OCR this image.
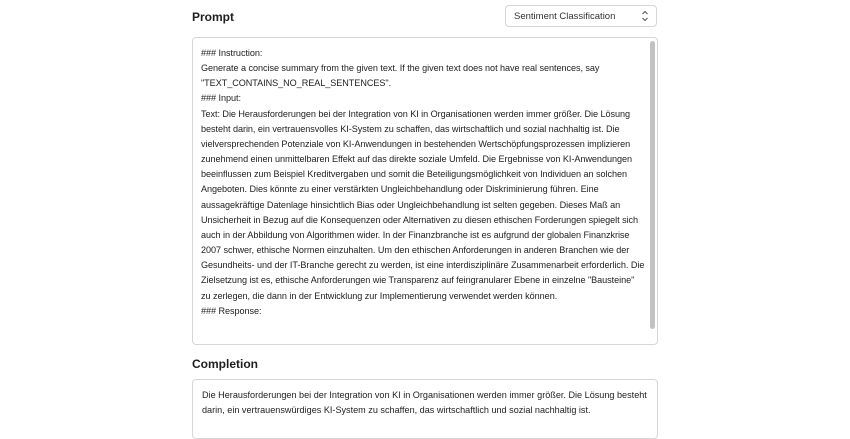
Prompt	Sentiment Classification
### Instruction:
Generate a concise summary from the given text. If the given text does not have real sentences, say "TEXT_CONTAINS_NO_REAL_SENTENCES".
### Input:
Text: Die Herausforderungen bei der Integration von KI in Organisationen werden immer größer. Die Lösung besteht darin, ein vertrauensvolles KI-System zu schaffen, das wirtschaftlich und sozial nachhaltig ist. Die vielversprechenden Potenziale von KI-Anwendungen in bestehenden Wertschöpfungsprozessen implizieren zunehmend einen unmittelbaren Effekt auf das direkte soziale Umfeld. Die Ergebnisse von KI-Anwendungen beeinflussen zum Beispiel Kreditvergaben und somit die Beteiligungsmöglichkeit von Individuen an solchen Angeboten. Dies könnte zu einer verstärkten Ungleichbehandlung oder Diskriminierung führen. Eine aussagekräftige Datenlage hinsichtlich Bias oder Ungleichbehandlung ist selten gegeben. Dieses Maß an Unsicherheit in Bezug auf die Konsequenzen oder Alternativen zu diesen ethischen Forderungen spiegelt sich auch in der Abbildung von Algorithmen wider. In der Finanzbranche ist es aufgrund der globalen Finanzkrise 2007 schwer, ethische Normen einzuhalten. Um den ethischen Anforderungen in anderen Branchen wie der Gesundheits- und der IT-Branche gerecht zu werden, ist eine interdisziplinäre Zusammenarbeit erforderlich. Die Zielsetzung ist es, ethische Anforderungen wie Transparenz auf feingranularer Ebene in einzelne "Bausteine" zu zerlegen, die dann in der Entwicklung zur Implementierung verwendet werden können.
### Response:
Completion
Die Herausforderungen bei der Integration von KI in Organisationen werden immer größer. Die Lösung besteht darin, ein vertrauenswürdiges KI-System zu schaffen, das wirtschaftlich und sozial nachhaltig ist.
